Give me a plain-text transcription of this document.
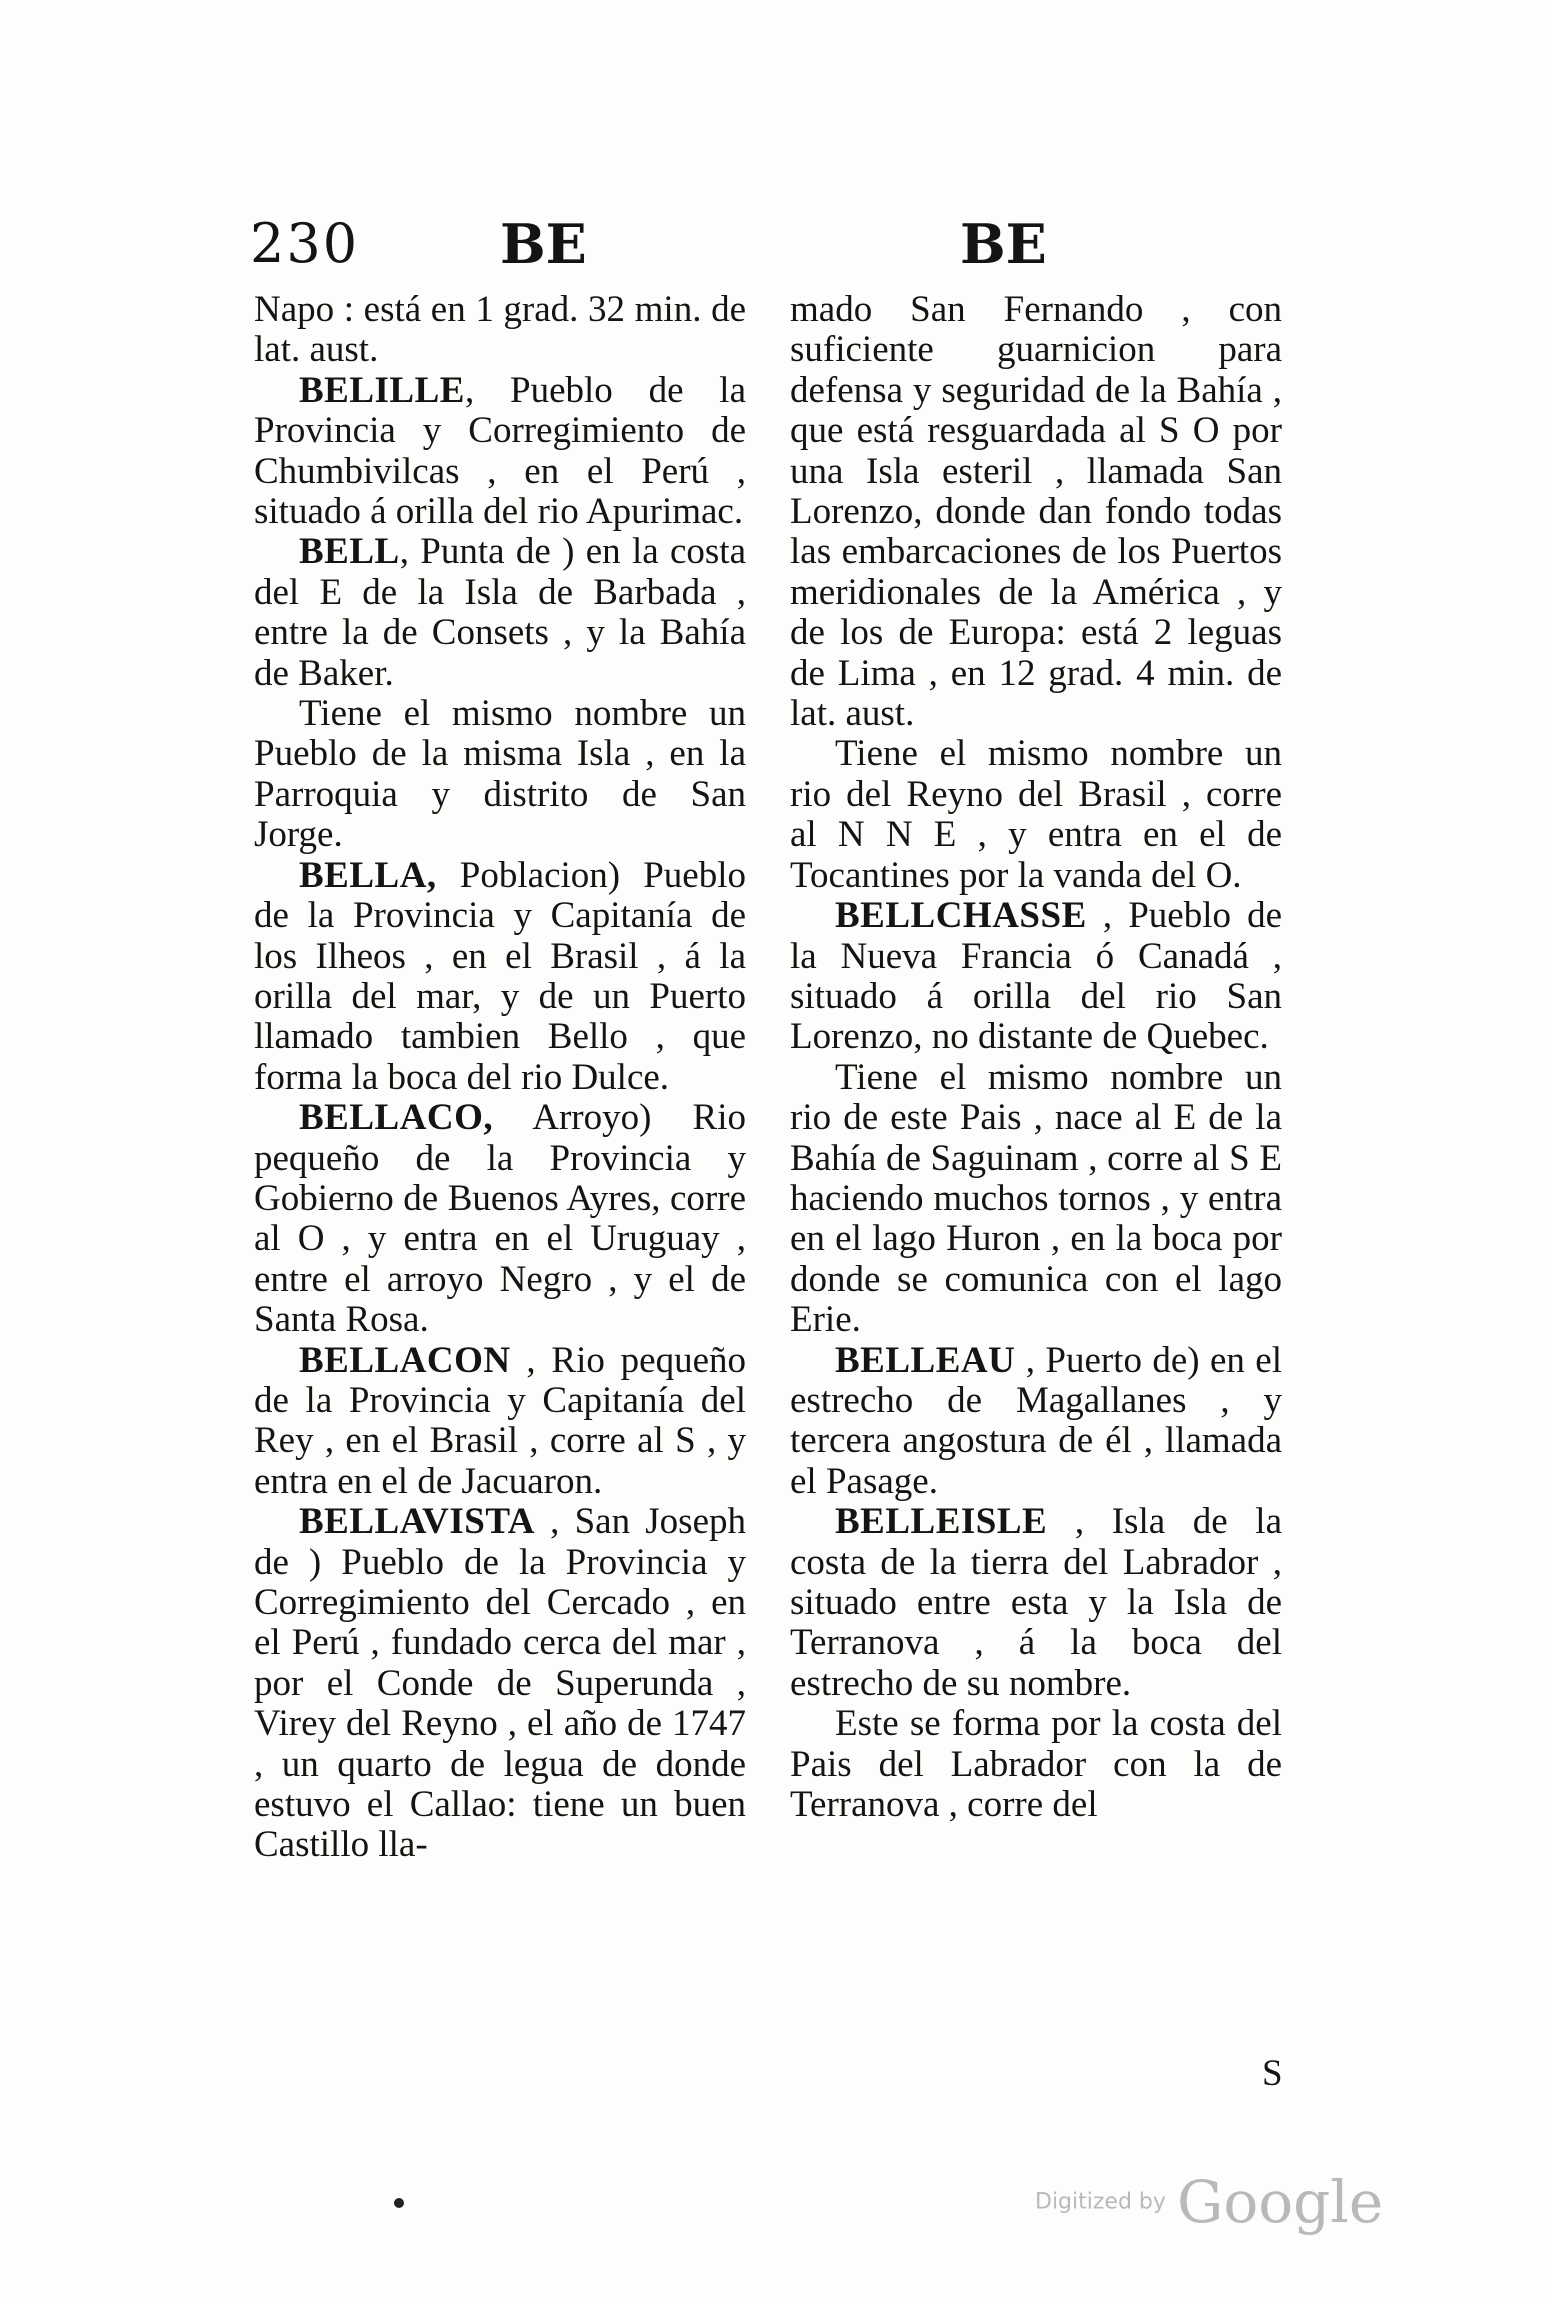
230	BE	BE

Napo : está en 1 grad. 32 min. de lat. aust.

BELILLE, Pueblo de la Provincia y Corregimiento de Chumbivilcas , en el Perú , situado á orilla del rio Apurimac.

BELL, Punta de ) en la costa del E de la Isla de Barbada , entre la de Consets , y la Bahía de Baker.

Tiene el mismo nombre un Pueblo de la misma Isla , en la Parroquia y distrito de San Jorge.

BELLA, Poblacion) Pueblo de la Provincia y Capitanía de los Ilheos , en el Brasil , á la orilla del mar, y de un Puerto llamado tambien Bello , que forma la boca del rio Dulce.

BELLACO, Arroyo) Rio pequeño de la Provincia y Gobierno de Buenos Ayres, corre al O , y entra en el Uruguay , entre el arroyo Negro , y el de Santa Rosa.

BELLACON , Rio pequeño de la Provincia y Capitanía del Rey , en el Brasil , corre al S , y entra en el de Jacuaron.

BELLAVISTA , San Joseph de ) Pueblo de la Provincia y Corregimiento del Cercado , en el Perú , fundado cerca del mar , por el Conde de Superunda , Virey del Reyno , el año de 1747 , un quarto de legua de donde estuvo el Callao: tiene un buen Castillo lla-

mado San Fernando , con suficiente guarnicion para defensa y seguridad de la Bahía , que está resguardada al S O por una Isla esteril , llamada San Lorenzo, donde dan fondo todas las embarcaciones de los Puertos meridionales de la América , y de los de Europa: está 2 leguas de Lima , en 12 grad. 4 min. de lat. aust.

Tiene el mismo nombre un rio del Reyno del Brasil , corre al N N E , y entra en el de Tocantines por la vanda del O.

BELLCHASSE , Pueblo de la Nueva Francia ó Canadá , situado á orilla del rio San Lorenzo, no distante de Quebec.

Tiene el mismo nombre un rio de este Pais , nace al E de la Bahía de Saguinam , corre al S E haciendo muchos tornos , y entra en el lago Huron , en la boca por donde se comunica con el lago Erie.

BELLEAU , Puerto de) en el estrecho de Magallanes , y tercera angostura de él , llamada el Pasage.

BELLEISLE , Isla de la costa de la tierra del Labrador , situado entre esta y la Isla de Terranova , á la boca del estrecho de su nombre.

Este se forma por la costa del Pais del Labrador con la de Terranova , corre del

S
Digitized by Google
